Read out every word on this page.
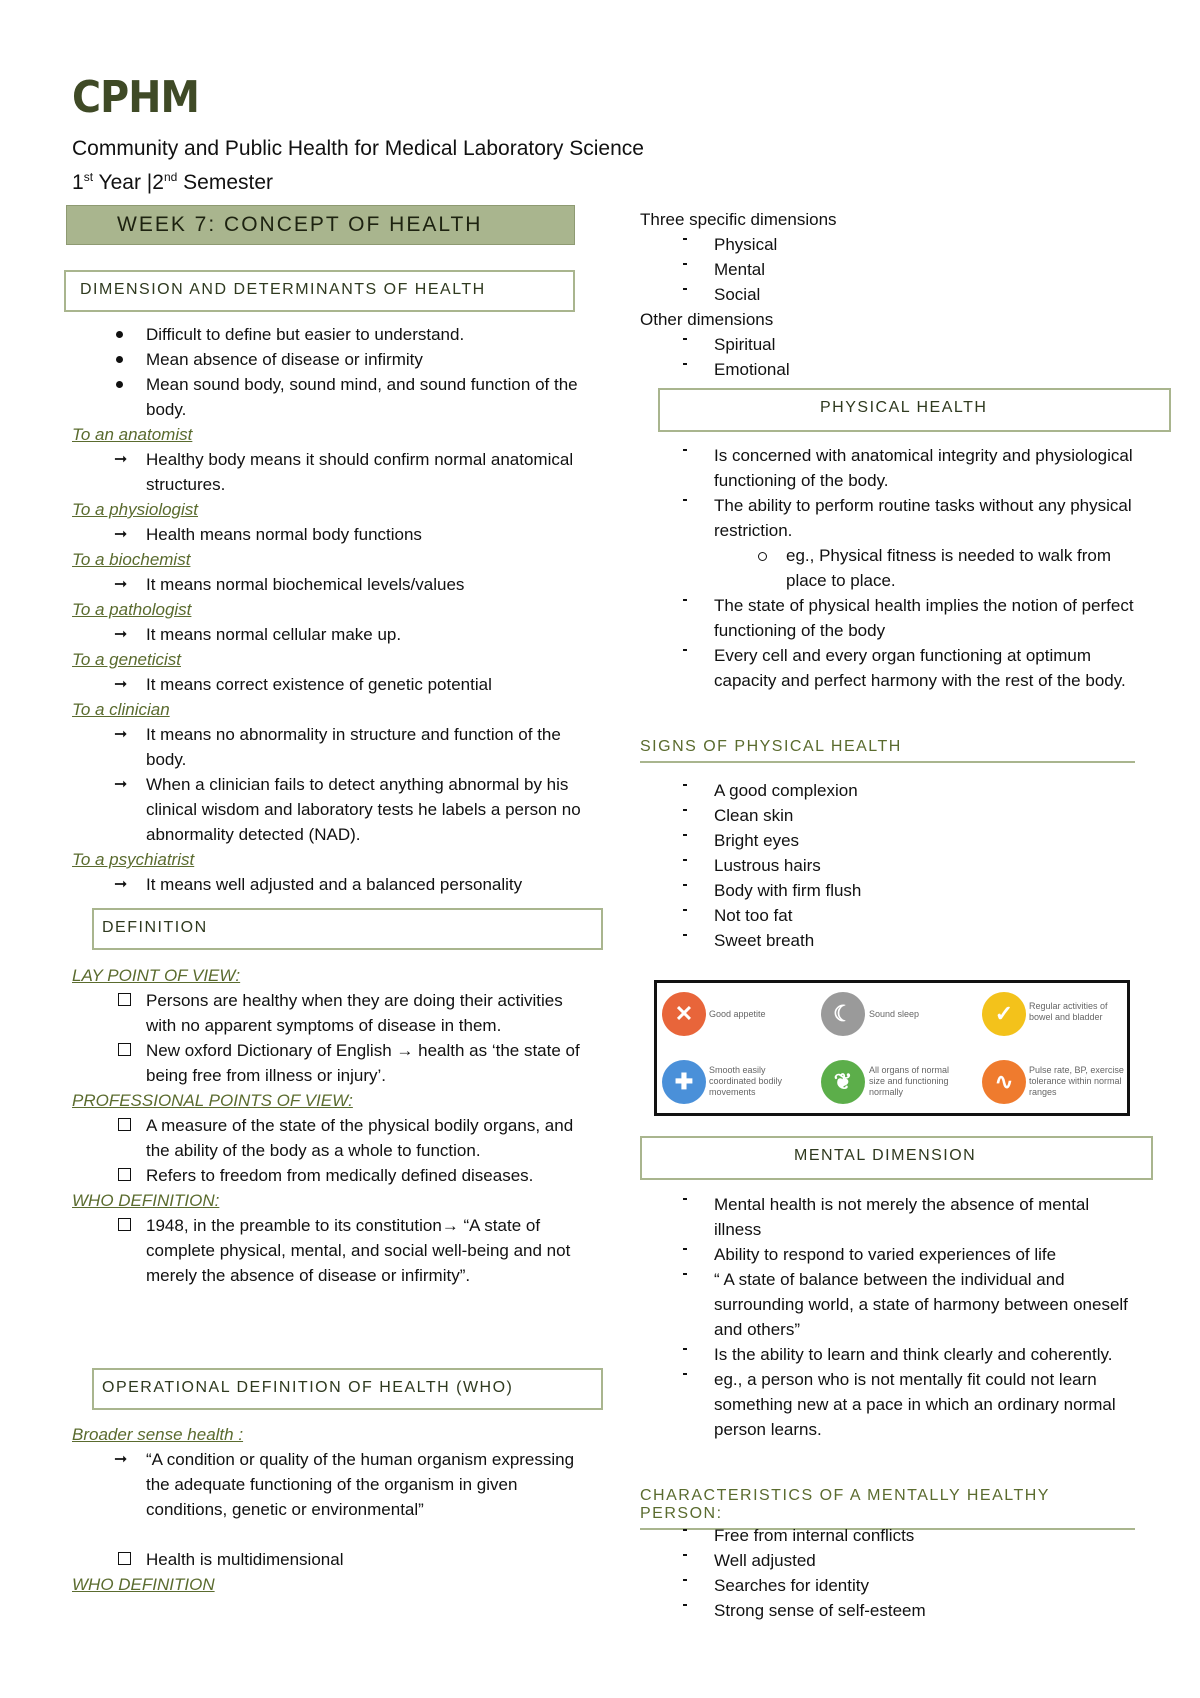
CPHM
Community and Public Health for Medical Laboratory Science
1st Year |2nd Semester
WEEK 7: CONCEPT OF HEALTH
DIMENSION AND DETERMINANTS OF HEALTH
Difficult to define but easier to understand.
Mean absence of disease or infirmity
Mean sound body, sound mind, and sound function of the body.
To an anatomist
➞	Healthy body means it should confirm normal anatomical structures.
To a physiologist
➞	Health means normal body functions
To a biochemist
➞	It means normal biochemical levels/values
To a pathologist
➞	It means normal cellular make up.
To a geneticist
➞	It means correct existence of genetic potential
To a clinician
➞	It means no abnormality in structure and function of the body.
➞	When a clinician fails to detect anything abnormal by his clinical wisdom and laboratory tests he labels a person no abnormality detected (NAD).
To a psychiatrist
➞	It means well adjusted and a balanced personality
DEFINITION
LAY POINT OF VIEW:
Persons are healthy when they are doing their activities with no apparent symptoms of disease in them.
New oxford Dictionary of English → health as ‘the state of being free from illness or injury’.
PROFESSIONAL POINTS OF VIEW:
A measure of the state of the physical bodily organs, and the ability of the body as a whole to function.
Refers to freedom from medically defined diseases.
WHO DEFINITION:
1948, in the preamble to its constitution→ “A state of complete physical, mental, and social well-being and not merely the absence of disease or infirmity”.
OPERATIONAL DEFINITION OF HEALTH (WHO)
Broader sense health :
➞	“A condition or quality of the human organism expressing the adequate functioning of the organism in given conditions, genetic or environmental”
Health is multidimensional
WHO DEFINITION
Three specific dimensions
Physical
Mental
Social
Other dimensions
Spiritual
Emotional
PHYSICAL HEALTH
Is concerned with anatomical integrity and physiological functioning of the body.
The ability to perform routine tasks without any physical restriction.
eg., Physical fitness is needed to walk from place to place.
The state of physical health implies the notion of perfect functioning of the body
Every cell and every organ functioning at optimum capacity and perfect harmony with the rest of the body.
SIGNS OF PHYSICAL HEALTH
A good complexion
Clean skin
Bright eyes
Lustrous hairs
Body with firm flush
Not too fat
Sweet breath
✕	Good appetite	☾	Sound sleep	✓	Regular activities of bowel and bladder
✚	Smooth easily coordinated bodily movements	❦	All organs of normal size and functioning normally	∿	Pulse rate, BP, exercise tolerance within normal ranges
MENTAL DIMENSION
Mental health is not merely the absence of mental illness
Ability to respond to varied experiences of life
“ A state of balance between the individual and surrounding world, a state of harmony between oneself and others”
Is the ability to learn and think clearly and coherently.
eg., a person who is not mentally fit could not learn something new at a pace in which an ordinary normal person learns.
CHARACTERISTICS OF A MENTALLY HEALTHY PERSON:
Free from internal conflicts
Well adjusted
Searches for identity
Strong sense of self-esteem
